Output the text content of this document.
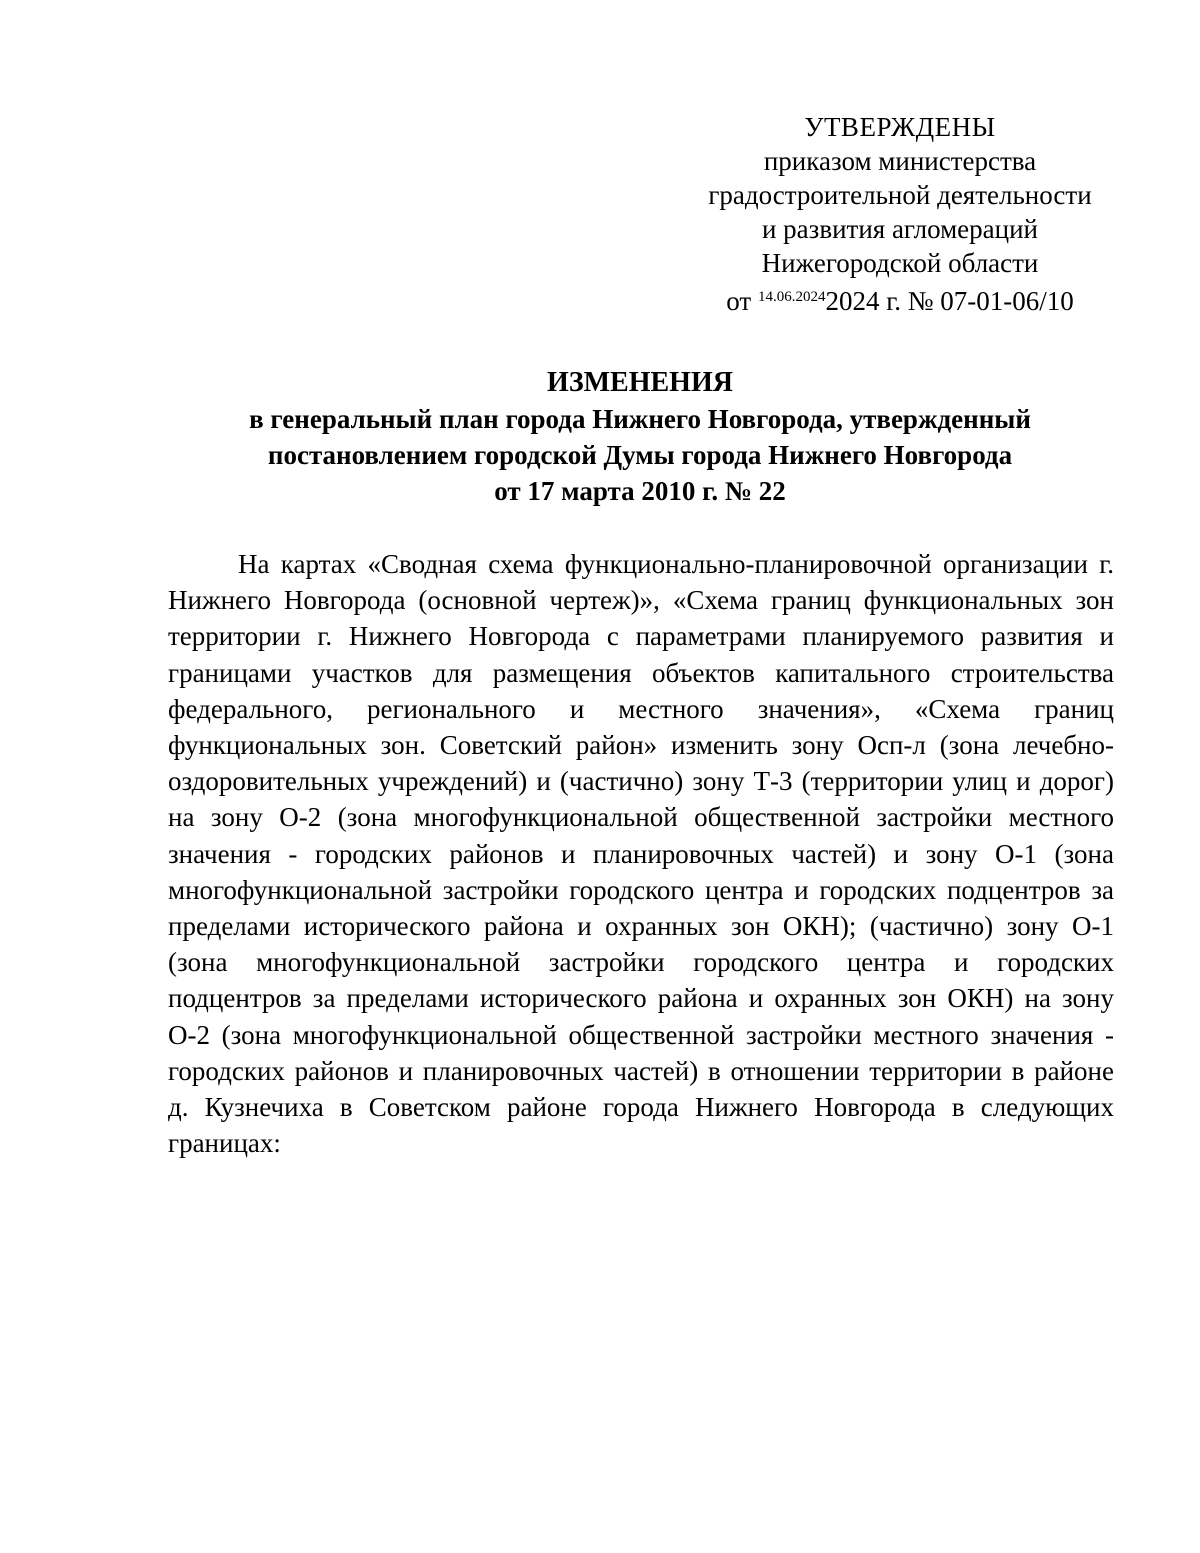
УТВЕРЖДЕНЫ
приказом министерства
градостроительной деятельности
и развития агломераций
Нижегородской области
от $^{14.06.2024}$2024 г. № 07-01-06/10
ИЗМЕНЕНИЯ
в генеральный план города Нижнего Новгорода, утвержденный
постановлением городской Думы города Нижнего Новгорода
от 17 марта 2010 г. № 22

На картах «Сводная схема функционально-планировочной организации г. Нижнего Новгорода (основной чертеж)», «Схема границ функциональных зон территории г. Нижнего Новгорода с параметрами планируемого развития и границами участков для размещения объектов капитального строительства федерального, регионального и местного значения», «Схема границ функциональных зон. Советский район» изменить зону Осп-л (зона лечебно-оздоровительных учреждений) и (частично) зону Т-3 (территории улиц и дорог) на зону О-2 (зона многофункциональной общественной застройки местного значения - городских районов и планировочных частей) и зону О-1 (зона многофункциональной застройки городского центра и городских подцентров за пределами исторического района и охранных зон ОКН); (частично) зону О-1 (зона многофункциональной застройки городского центра и городских подцентров за пределами исторического района и охранных зон ОКН) на зону О-2 (зона многофункциональной общественной застройки местного значения - городских районов и планировочных частей) в отношении территории в районе д. Кузнечиха в Советском районе города Нижнего Новгорода в следующих границах:
